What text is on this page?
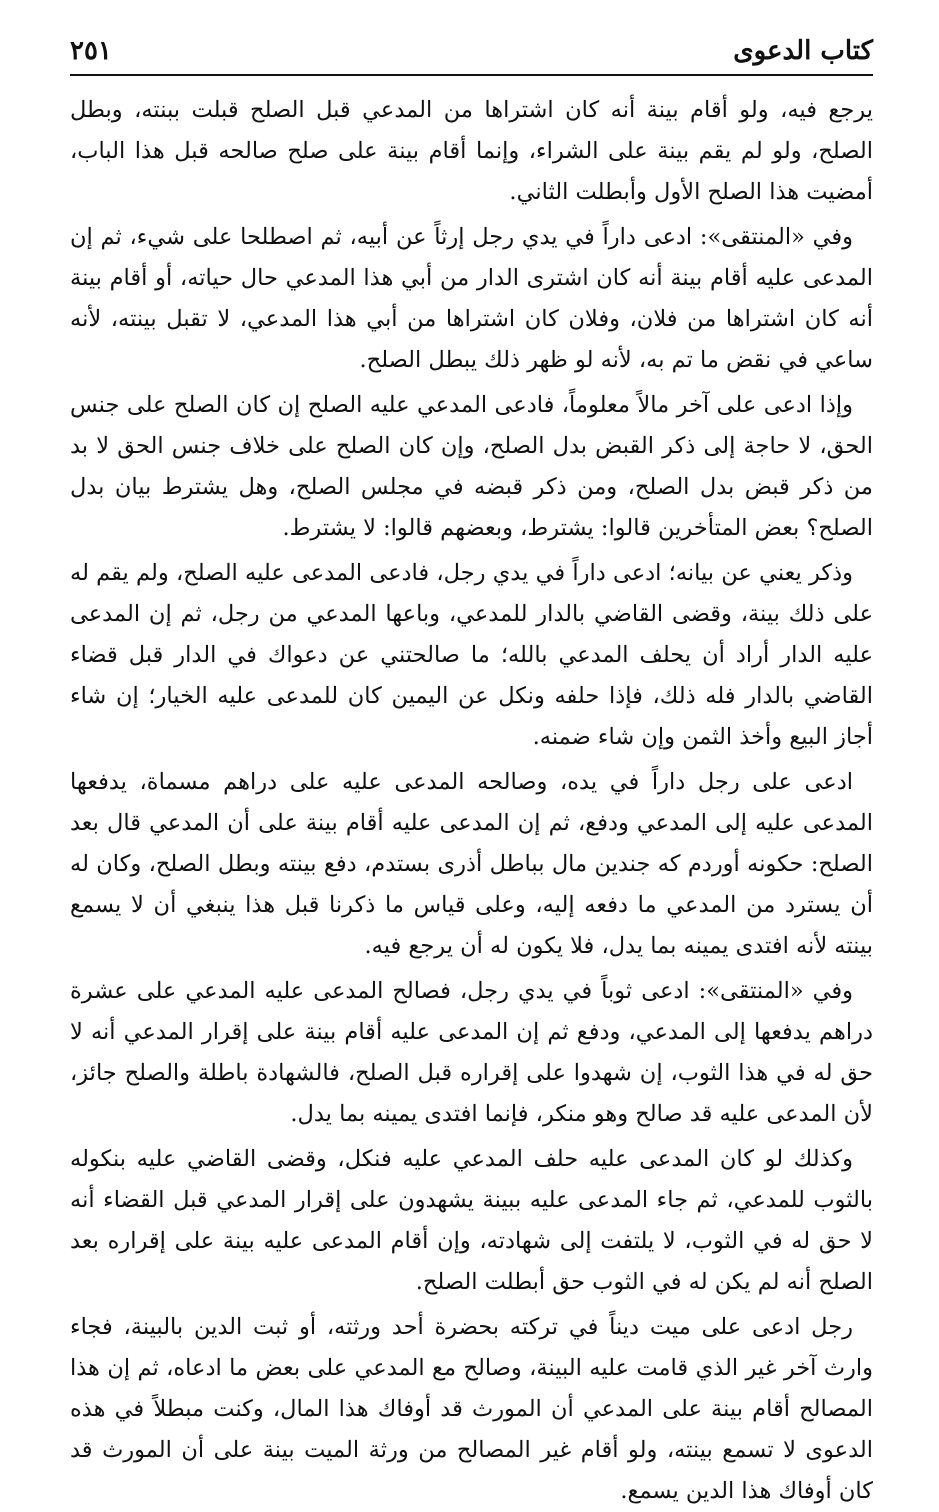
كتاب الدعوى
٢٥١

يرجع فيه، ولو أقام بينة أنه كان اشتراها من المدعي قبل الصلح قبلت ببنته، وبطل الصلح، ولو لم يقم بينة على الشراء، وإنما أقام بينة على صلح صالحه قبل هذا الباب، أمضيت هذا الصلح الأول وأبطلت الثاني.

وفي «المنتقى»: ادعى داراً في يدي رجل إرثاً عن أبيه، ثم اصطلحا على شيء، ثم إن المدعى عليه أقام بينة أنه كان اشترى الدار من أبي هذا المدعي حال حياته، أو أقام بينة أنه كان اشتراها من فلان، وفلان كان اشتراها من أبي هذا المدعي، لا تقبل بينته، لأنه ساعي في نقض ما تم به، لأنه لو ظهر ذلك يبطل الصلح.

وإذا ادعى على آخر مالاً معلوماً، فادعى المدعي عليه الصلح إن كان الصلح على جنس الحق، لا حاجة إلى ذكر القبض بدل الصلح، وإن كان الصلح على خلاف جنس الحق لا بد من ذكر قبض بدل الصلح، ومن ذكر قبضه في مجلس الصلح، وهل يشترط بيان بدل الصلح؟ بعض المتأخرين قالوا: يشترط، وبعضهم قالوا: لا يشترط.

وذكر يعني عن بيانه؛ ادعى داراً في يدي رجل، فادعى المدعى عليه الصلح، ولم يقم له على ذلك بينة، وقضى القاضي بالدار للمدعي، وباعها المدعي من رجل، ثم إن المدعى عليه الدار أراد أن يحلف المدعي بالله؛ ما صالحتني عن دعواك في الدار قبل قضاء القاضي بالدار فله ذلك، فإذا حلفه ونكل عن اليمين كان للمدعى عليه الخيار؛ إن شاء أجاز البيع وأخذ الثمن وإن شاء ضمنه.

ادعى على رجل داراً في يده، وصالحه المدعى عليه على دراهم مسماة، يدفعها المدعى عليه إلى المدعي ودفع، ثم إن المدعى عليه أقام بينة على أن المدعي قال بعد الصلح: حكونه أوردم كه جندين مال بباطل أذرى بستدم، دفع بينته وبطل الصلح، وكان له أن يسترد من المدعي ما دفعه إليه، وعلى قياس ما ذكرنا قبل هذا ينبغي أن لا يسمع بينته لأنه افتدى يمينه بما يدل، فلا يكون له أن يرجع فيه.

وفي «المنتقى»: ادعى ثوباً في يدي رجل، فصالح المدعى عليه المدعي على عشرة دراهم يدفعها إلى المدعي، ودفع ثم إن المدعى عليه أقام بينة على إقرار المدعي أنه لا حق له في هذا الثوب، إن شهدوا على إقراره قبل الصلح، فالشهادة باطلة والصلح جائز، لأن المدعى عليه قد صالح وهو منكر، فإنما افتدى يمينه بما يدل.

وكذلك لو كان المدعى عليه حلف المدعي عليه فنكل، وقضى القاضي عليه بنكوله بالثوب للمدعي، ثم جاء المدعى عليه ببينة يشهدون على إقرار المدعي قبل القضاء أنه لا حق له في الثوب، لا يلتفت إلى شهادته، وإن أقام المدعى عليه بينة على إقراره بعد الصلح أنه لم يكن له في الثوب حق أبطلت الصلح.

رجل ادعى على ميت ديناً في تركته بحضرة أحد ورثته، أو ثبت الدين بالبينة، فجاء وارث آخر غير الذي قامت عليه البينة، وصالح مع المدعي على بعض ما ادعاه، ثم إن هذا المصالح أقام بينة على المدعي أن المورث قد أوفاك هذا المال، وكنت مبطلاً في هذه الدعوى لا تسمع بينته، ولو أقام غير المصالح من ورثة الميت بينة على أن المورث قد كان أوفاك هذا الدين يسمع.
